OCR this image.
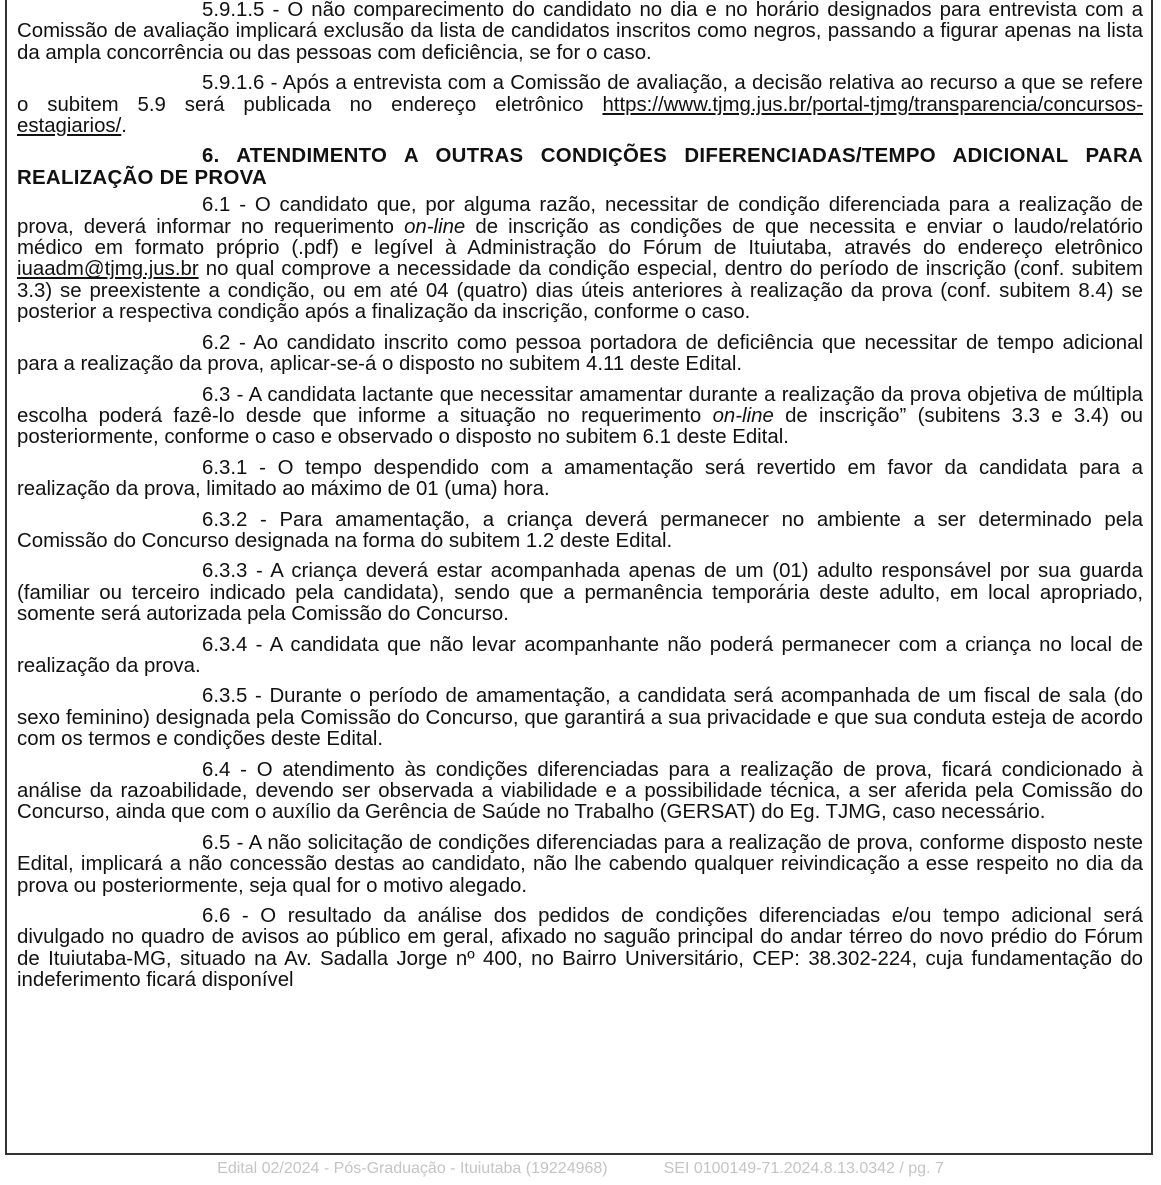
5.9.1.5 - O não comparecimento do candidato no dia e no horário designados para entrevista com a Comissão de avaliação implicará exclusão da lista de candidatos inscritos como negros, passando a figurar apenas na lista da ampla concorrência ou das pessoas com deficiência, se for o caso.

5.9.1.6 - Após a entrevista com a Comissão de avaliação, a decisão relativa ao recurso a que se refere o subitem 5.9 será publicada no endereço eletrônico https://www.tjmg.jus.br/portal-tjmg/transparencia/concursos-estagiarios/.

6. ATENDIMENTO A OUTRAS CONDIÇÕES DIFERENCIADAS/TEMPO ADICIONAL PARA REALIZAÇÃO DE PROVA

6.1 - O candidato que, por alguma razão, necessitar de condição diferenciada para a realização de prova, deverá informar no requerimento on-line de inscrição as condições de que necessita e enviar o laudo/relatório médico em formato próprio (.pdf) e legível à Administração do Fórum de Ituiutaba, através do endereço eletrônico iuaadm@tjmg.jus.br no qual comprove a necessidade da condição especial, dentro do período de inscrição (conf. subitem 3.3) se preexistente a condição, ou em até 04 (quatro) dias úteis anteriores à realização da prova (conf. subitem 8.4) se posterior a respectiva condição após a finalização da inscrição, conforme o caso.

6.2 - Ao candidato inscrito como pessoa portadora de deficiência que necessitar de tempo adicional para a realização da prova, aplicar-se-á o disposto no subitem 4.11 deste Edital.

6.3 - A candidata lactante que necessitar amamentar durante a realização da prova objetiva de múltipla escolha poderá fazê-lo desde que informe a situação no requerimento on-line de inscrição” (subitens 3.3 e 3.4) ou posteriormente, conforme o caso e observado o disposto no subitem 6.1 deste Edital.

6.3.1 - O tempo despendido com a amamentação será revertido em favor da candidata para a realização da prova, limitado ao máximo de 01 (uma) hora.

6.3.2 - Para amamentação, a criança deverá permanecer no ambiente a ser determinado pela Comissão do Concurso designada na forma do subitem 1.2 deste Edital.

6.3.3 - A criança deverá estar acompanhada apenas de um (01) adulto responsável por sua guarda (familiar ou terceiro indicado pela candidata), sendo que a permanência temporária deste adulto, em local apropriado, somente será autorizada pela Comissão do Concurso.

6.3.4 - A candidata que não levar acompanhante não poderá permanecer com a criança no local de realização da prova.

6.3.5 - Durante o período de amamentação, a candidata será acompanhada de um fiscal de sala (do sexo feminino) designada pela Comissão do Concurso, que garantirá a sua privacidade e que sua conduta esteja de acordo com os termos e condições deste Edital.

6.4 - O atendimento às condições diferenciadas para a realização de prova, ficará condicionado à análise da razoabilidade, devendo ser observada a viabilidade e a possibilidade técnica, a ser aferida pela Comissão do Concurso, ainda que com o auxílio da Gerência de Saúde no Trabalho (GERSAT) do Eg. TJMG, caso necessário.

6.5 - A não solicitação de condições diferenciadas para a realização de prova, conforme disposto neste Edital, implicará a não concessão destas ao candidato, não lhe cabendo qualquer reivindicação a esse respeito no dia da prova ou posteriormente, seja qual for o motivo alegado.

6.6 - O resultado da análise dos pedidos de condições diferenciadas e/ou tempo adicional será divulgado no quadro de avisos ao público em geral, afixado no saguão principal do andar térreo do novo prédio do Fórum de Ituiutaba-MG, situado na Av. Sadalla Jorge nº 400, no Bairro Universitário, CEP: 38.302-224, cuja fundamentação do indeferimento ficará disponível

Edital 02/2024 - Pós-Graduação - Ituiutaba (19224968)	SEI 0100149-71.2024.8.13.0342 / pg. 7
